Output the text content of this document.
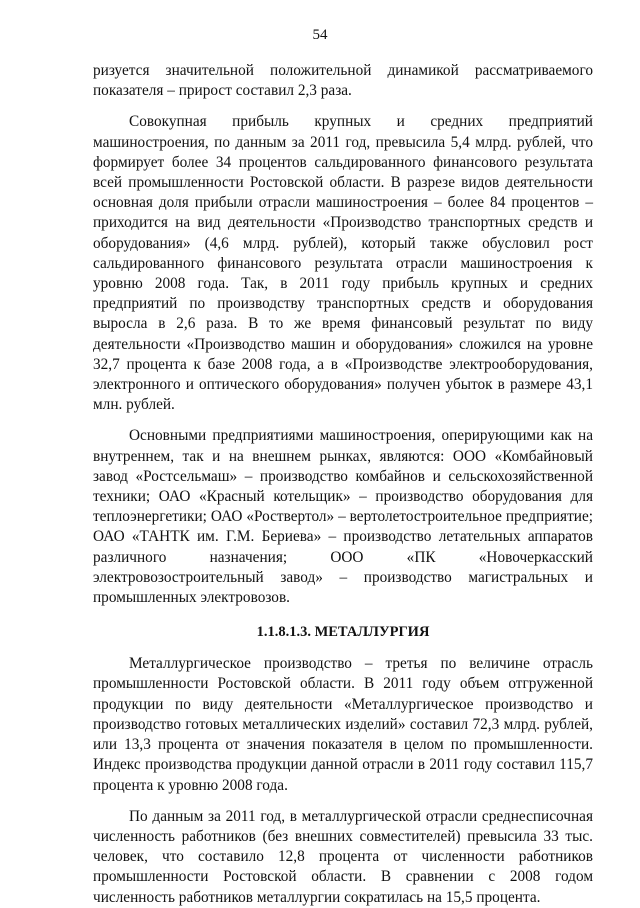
54

ризуется значительной положительной динамикой рассматриваемого показателя – прирост составил 2,3 раза.

Совокупная прибыль крупных и средних предприятий машиностроения, по данным за 2011 год, превысила 5,4 млрд. рублей, что формирует более 34 процентов сальдированного финансового результата всей промышленности Ростовской области. В разрезе видов деятельности основная доля прибыли отрасли машиностроения – более 84 процентов – приходится на вид деятельности «Производство транспортных средств и оборудования» (4,6 млрд. рублей), который также обусловил рост сальдированного финансового результата отрасли машиностроения к уровню 2008 года. Так, в 2011 году прибыль крупных и средних предприятий по производству транспортных средств и оборудования выросла в 2,6 раза. В то же время финансовый результат по виду деятельности «Производство машин и оборудования» сложился на уровне 32,7 процента к базе 2008 года, а в «Производстве электрооборудования, электронного и оптического оборудования» получен убыток в размере 43,1 млн. рублей.

Основными предприятиями машиностроения, оперирующими как на внутреннем, так и на внешнем рынках, являются: ООО «Комбайновый завод «Ростсельмаш» – производство комбайнов и сельскохозяйственной техники; ОАО «Красный котельщик» – производство оборудования для теплоэнергетики; ОАО «Роствертол» – вертолетостроительное предприятие; ОАО «ТАНТК им. Г.М. Бериева» – производство летательных аппаратов различного назначения; ООО «ПК «Новочеркасский электровозостроительный завод» – производство магистральных и промышленных электровозов.

1.1.8.1.3. МЕТАЛЛУРГИЯ

Металлургическое производство – третья по величине отрасль промышленности Ростовской области. В 2011 году объем отгруженной продукции по виду деятельности «Металлургическое производство и производство готовых металлических изделий» составил 72,3 млрд. рублей, или 13,3 процента от значения показателя в целом по промышленности. Индекс производства продукции данной отрасли в 2011 году составил 115,7 процента к уровню 2008 года.

По данным за 2011 год, в металлургической отрасли среднесписочная численность работников (без внешних совместителей) превысила 33 тыс. человек, что составило 12,8 процента от численности работников промышленности Ростовской области. В сравнении с 2008 годом численность работников металлургии сократилась на 15,5 процента.
